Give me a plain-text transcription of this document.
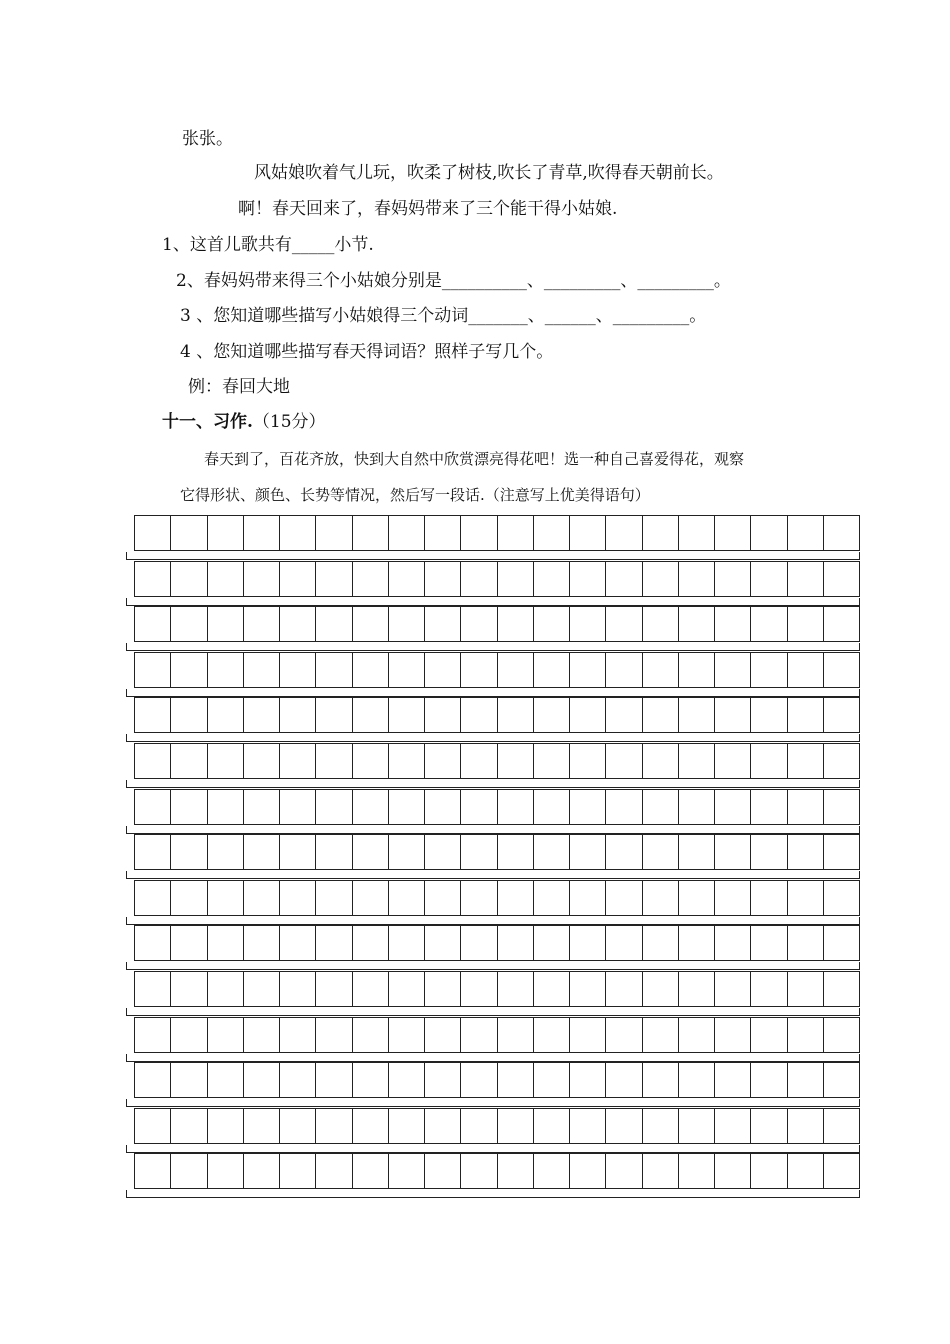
张张。
风姑娘吹着气儿玩，吹柔了树枝,吹长了青草,吹得春天朝前长。
啊！春天回来了，春妈妈带来了三个能干得小姑娘.
1、这首儿歌共有_____小节.
2、春妈妈带来得三个小姑娘分别是__________、_________、_________。
3 、您知道哪些描写小姑娘得三个动词_______、______、_________。
4 、您知道哪些描写春天得词语？照样子写几个。
例：春回大地
十一、习作.（15分）
春天到了，百花齐放，快到大自然中欣赏漂亮得花吧！选一种自己喜爱得花，观察
它得形状、颜色、长势等情况，然后写一段话.（注意写上优美得语句）
